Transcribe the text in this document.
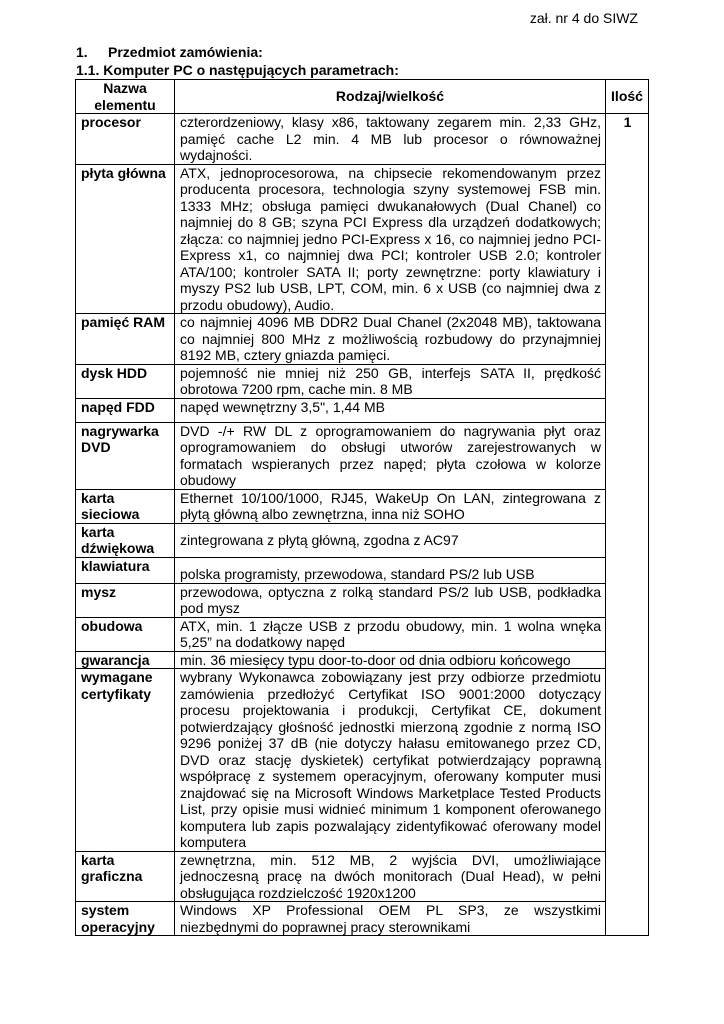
zał. nr 4 do SIWZ
1. Przedmiot zamówienia:
1.1. Komputer PC o następujących parametrach:
Nazwa elementu	Rodzaj/wielkość	Ilość
procesor	czterordzeniowy, klasy x86, taktowany zegarem min. 2,33 GHz, pamięć cache L2 min. 4 MB lub procesor o równoważnej wydajności.	1
płyta główna	ATX, jednoprocesorowa, na chipsecie rekomendowanym przez producenta procesora, technologia szyny systemowej FSB min. 1333 MHz; obsługa pamięci dwukanałowych (Dual Chanel) co najmniej do 8 GB; szyna PCI Express dla urządzeń dodatkowych; złącza: co najmniej jedno PCI-Express x 16, co najmniej jedno PCI-Express x1, co najmniej dwa PCI; kontroler USB 2.0; kontroler ATA/100; kontroler SATA II; porty zewnętrzne: porty klawiatury i myszy PS2 lub USB, LPT, COM, min. 6 x USB (co najmniej dwa z przodu obudowy), Audio.	
pamięć RAM	co najmniej 4096 MB DDR2 Dual Chanel (2x2048 MB), taktowana co najmniej 800 MHz z możliwością rozbudowy do przynajmniej 8192 MB, cztery gniazda pamięci.	
dysk HDD	pojemność nie mniej niż 250 GB, interfejs SATA II, prędkość obrotowa 7200 rpm, cache min. 8 MB	
napęd FDD	napęd wewnętrzny 3,5", 1,44 MB	
nagrywarka DVD	DVD -/+ RW DL z oprogramowaniem do nagrywania płyt oraz oprogramowaniem do obsługi utworów zarejestrowanych w formatach wspieranych przez napęd; płyta czołowa w kolorze obudowy	
karta sieciowa	Ethernet 10/100/1000, RJ45, WakeUp On LAN, zintegrowana z płytą główną albo zewnętrzna, inna niż SOHO	
karta dźwiękowa	zintegrowana z płytą główną, zgodna z AC97	
klawiatura	polska programisty, przewodowa, standard PS/2 lub USB	
mysz	przewodowa, optyczna z rolką standard PS/2 lub USB, podkładka pod mysz	
obudowa	ATX, min. 1 złącze USB z przodu obudowy, min. 1 wolna wnęka 5,25” na dodatkowy napęd	
gwarancja	min. 36 miesięcy typu door-to-door od dnia odbioru końcowego	
wymagane certyfikaty	wybrany Wykonawca zobowiązany jest przy odbiorze przedmiotu zamówienia przedłożyć Certyfikat ISO 9001:2000 dotyczący procesu projektowania i produkcji, Certyfikat CE, dokument potwierdzający głośność jednostki mierzoną zgodnie z normą ISO 9296 poniżej 37 dB (nie dotyczy hałasu emitowanego przez CD, DVD oraz stację dyskietek) certyfikat potwierdzający poprawną współpracę z systemem operacyjnym, oferowany komputer musi znajdować się na Microsoft Windows Marketplace Tested Products List, przy opisie musi widnieć minimum 1 komponent oferowanego komputera lub zapis pozwalający zidentyfikować oferowany model komputera	
karta graficzna	zewnętrzna, min. 512 MB, 2 wyjścia DVI, umożliwiające jednoczesną pracę na dwóch monitorach (Dual Head), w pełni obsługująca rozdzielczość 1920x1200	
system operacyjny	Windows XP Professional OEM PL SP3, ze wszystkimi niezbędnymi do poprawnej pracy sterownikami	
